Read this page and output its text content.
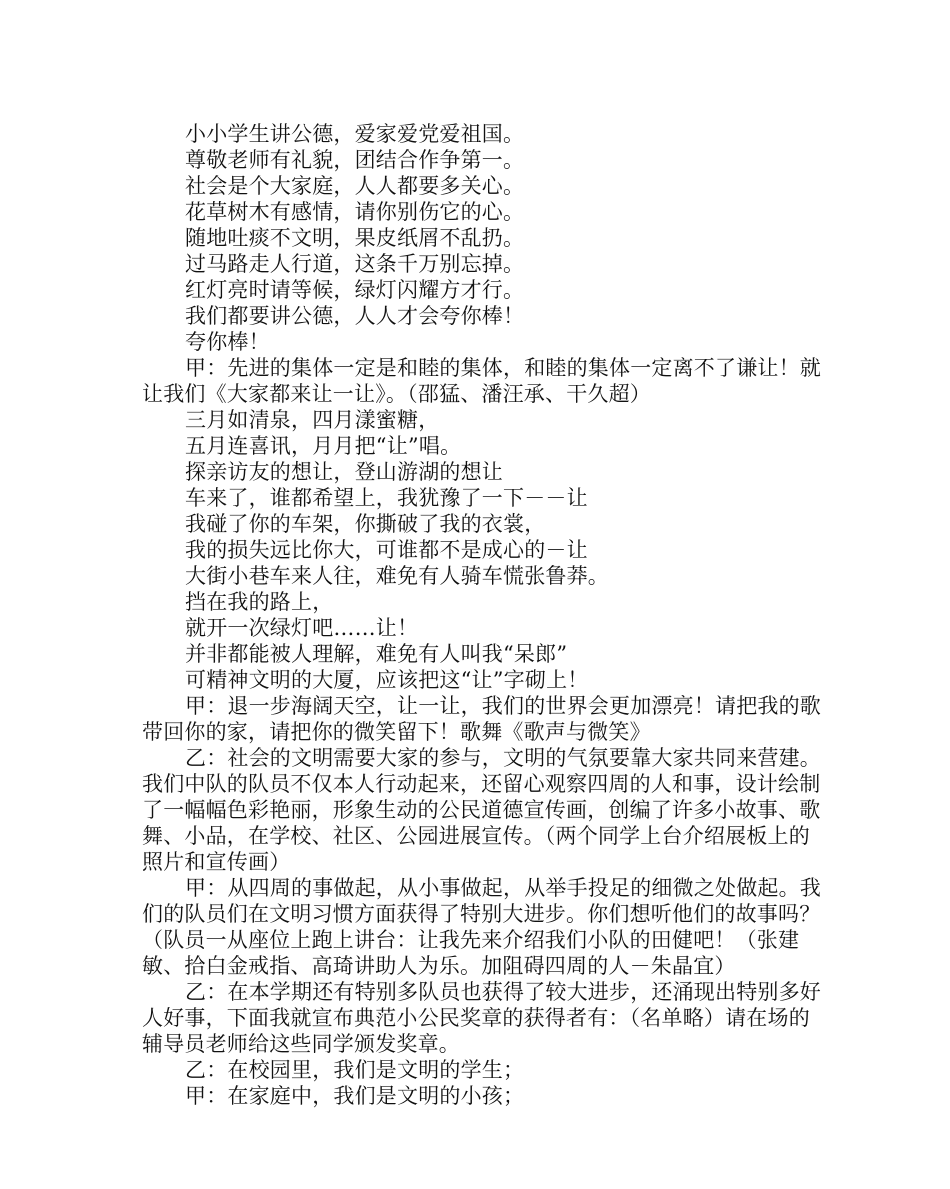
小小学生讲公德，爱家爱党爱祖国。

尊敬老师有礼貌，团结合作争第一。

社会是个大家庭，人人都要多关心。

花草树木有感情，请你别伤它的心。

随地吐痰不文明，果皮纸屑不乱扔。

过马路走人行道，这条千万别忘掉。

红灯亮时请等候，绿灯闪耀方才行。

我们都要讲公德，人人才会夸你棒！

夸你棒！

甲：先进的集体一定是和睦的集体，和睦的集体一定离不了谦让！就让我们《大家都来让一让》。（邵猛、潘汪承、干久超）

三月如清泉，四月漾蜜糖，

五月连喜讯，月月把“让”唱。

探亲访友的想让，登山游湖的想让

车来了，谁都希望上，我犹豫了一下－－让

我碰了你的车架，你撕破了我的衣裳，

我的损失远比你大，可谁都不是成心的－让

大街小巷车来人往，难免有人骑车慌张鲁莽。

挡在我的路上，

就开一次绿灯吧……让！

并非都能被人理解，难免有人叫我“呆郎”

可精神文明的大厦，应该把这“让”字砌上！

甲：退一步海阔天空，让一让，我们的世界会更加漂亮！请把我的歌带回你的家，请把你的微笑留下！歌舞《歌声与微笑》

乙：社会的文明需要大家的参与，文明的气氛要靠大家共同来营建。我们中队的队员不仅本人行动起来，还留心观察四周的人和事，设计绘制了一幅幅色彩艳丽，形象生动的公民道德宣传画，创编了许多小故事、歌舞、小品，在学校、社区、公园进展宣传。（两个同学上台介绍展板上的照片和宣传画）

甲：从四周的事做起，从小事做起，从举手投足的细微之处做起。我们的队员们在文明习惯方面获得了特别大进步。你们想听他们的故事吗？（队员一从座位上跑上讲台：让我先来介绍我们小队的田健吧！（张建敏、拾白金戒指、高琦讲助人为乐。加阻碍四周的人－朱晶宜）

乙：在本学期还有特别多队员也获得了较大进步，还涌现出特别多好人好事，下面我就宣布典范小公民奖章的获得者有：（名单略）请在场的辅导员老师给这些同学颁发奖章。

乙：在校园里，我们是文明的学生；

甲：在家庭中，我们是文明的小孩；
